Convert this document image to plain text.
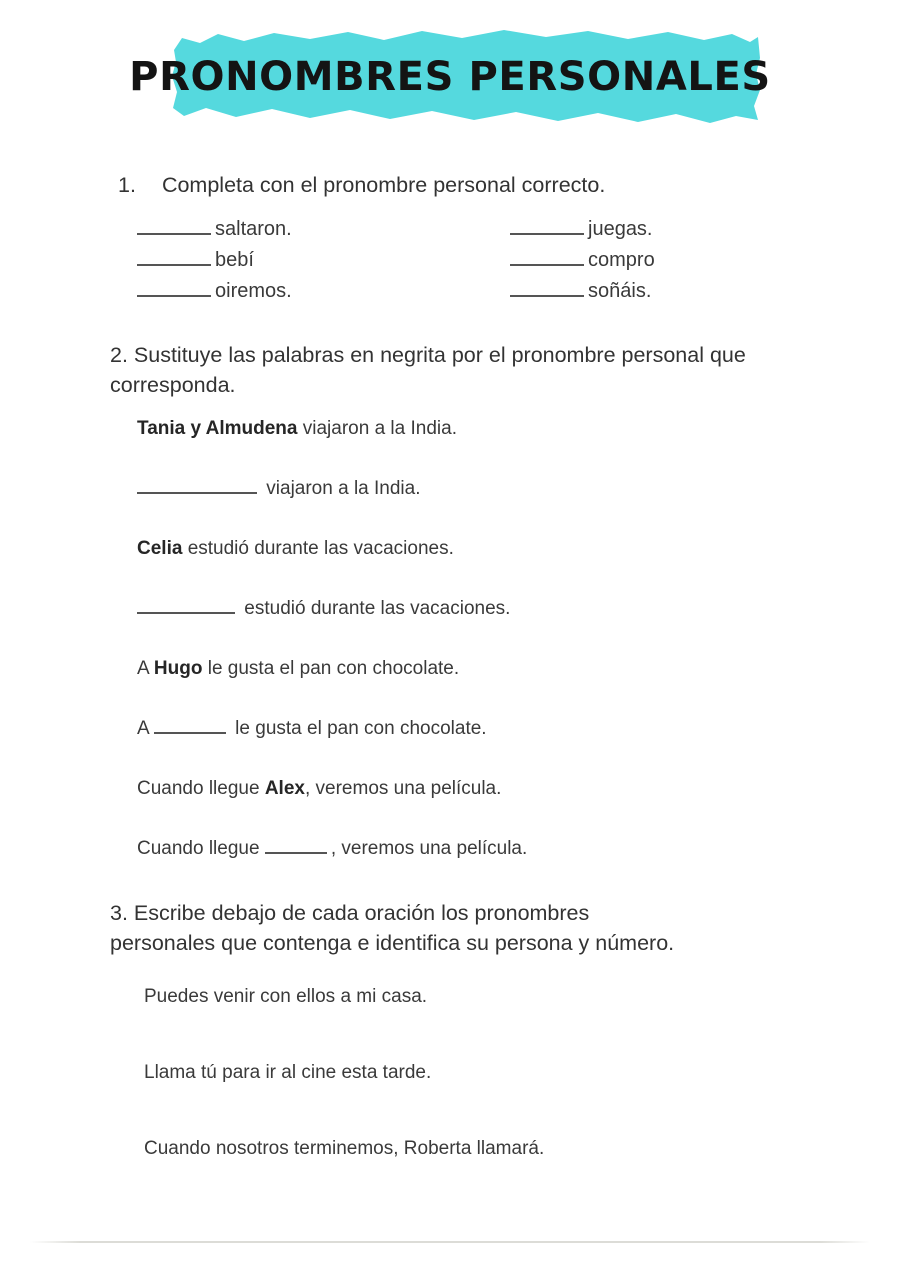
PRONOMBRES PERSONALES
1. Completa con el pronombre personal correcto.
saltaron.
bebí
oiremos.
juegas.
compro
soñáis.
2. Sustituye las palabras en negrita por el pronombre personal que corresponda.
Tania y Almudena viajaron a la India.
viajaron a la India.
Celia estudió durante las vacaciones.
estudió durante las vacaciones.
A Hugo le gusta el pan con chocolate.
A	le gusta el pan con chocolate.
Cuando llegue Alex, veremos una película.
Cuando llegue	, veremos una película.
3. Escribe debajo de cada oración los pronombres
personales que contenga e identifica su persona y número.
Puedes venir con ellos a mi casa.
Llama tú para ir al cine esta tarde.
Cuando nosotros terminemos, Roberta llamará.
